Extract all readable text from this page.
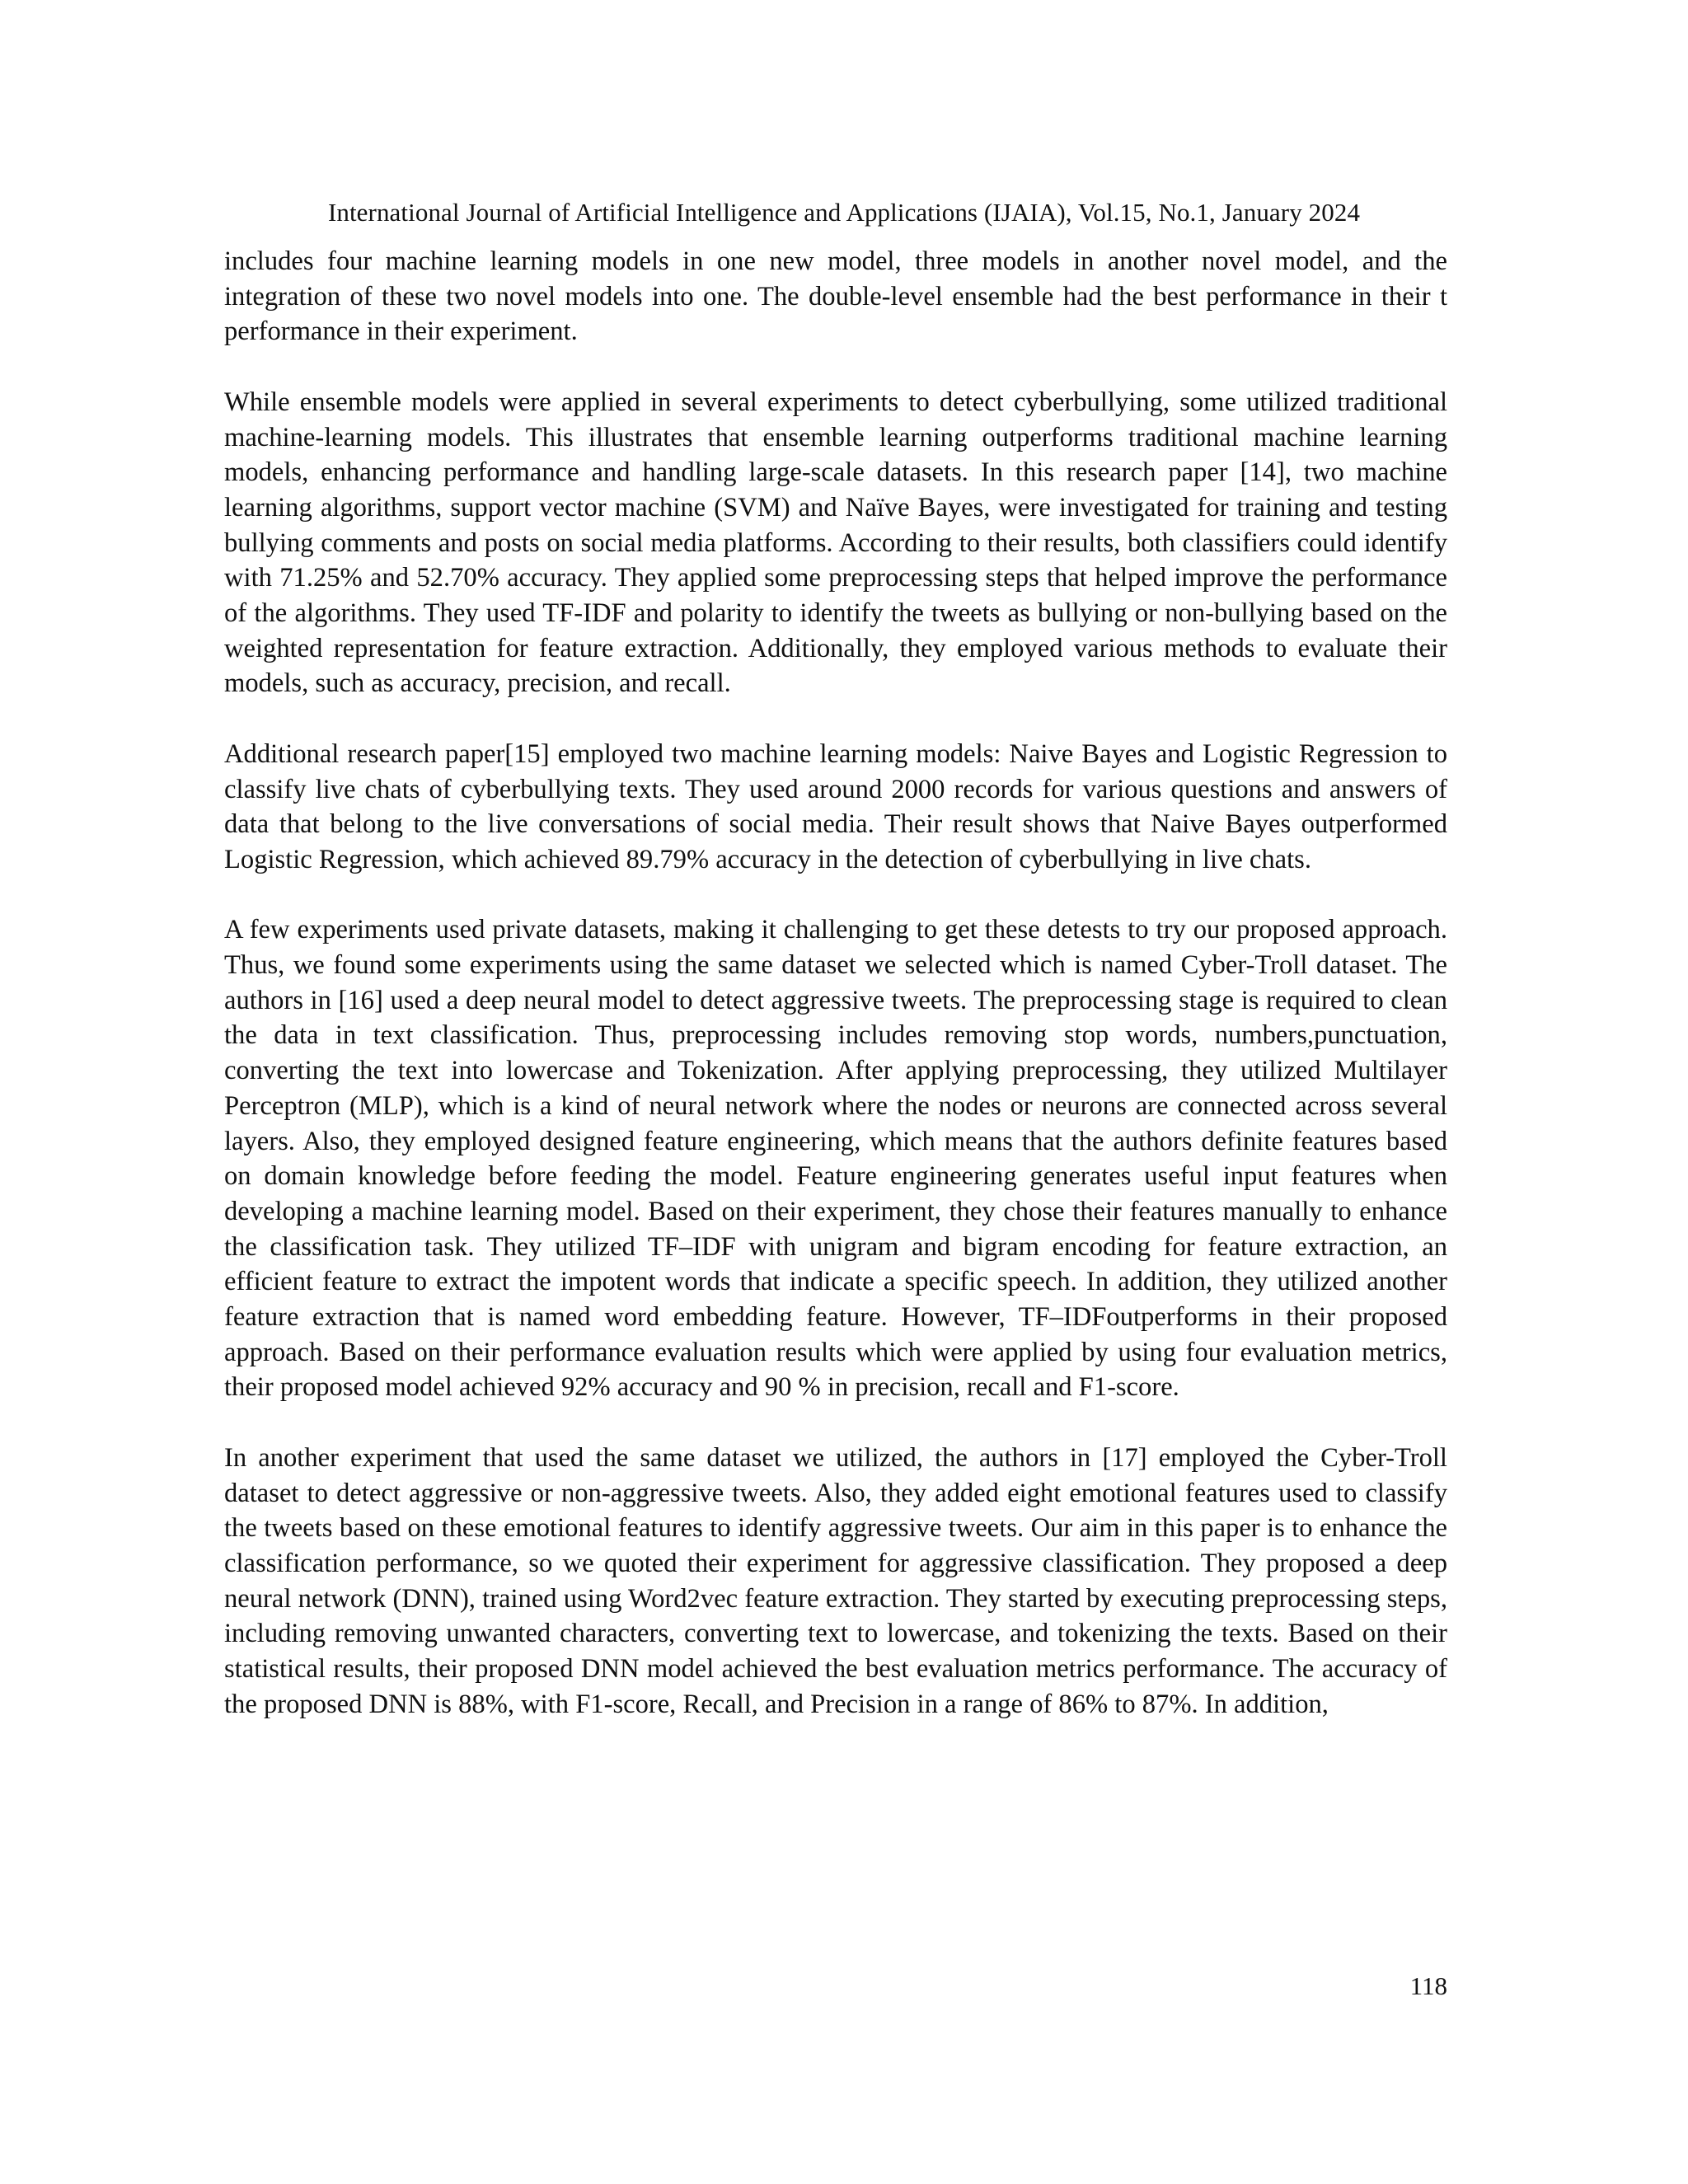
International Journal of Artificial Intelligence and Applications (IJAIA), Vol.15, No.1, January 2024

includes four machine learning models in one new model, three models in another novel model, and the integration of these two novel models into one. The double-level ensemble had the best performance in their t performance in their experiment.

While ensemble models were applied in several experiments to detect cyberbullying, some utilized traditional machine-learning models. This illustrates that ensemble learning outperforms traditional machine learning models, enhancing performance and handling large-scale datasets. In this research paper [14], two machine learning algorithms, support vector machine (SVM) and Naïve Bayes, were investigated for training and testing bullying comments and posts on social media platforms. According to their results, both classifiers could identify with 71.25% and 52.70% accuracy. They applied some preprocessing steps that helped improve the performance of the algorithms. They used TF-IDF and polarity to identify the tweets as bullying or non-bullying based on the weighted representation for feature extraction. Additionally, they employed various methods to evaluate their models, such as accuracy, precision, and recall.

Additional research paper[15] employed two machine learning models: Naive Bayes and Logistic Regression to classify live chats of cyberbullying texts. They used around 2000 records for various questions and answers of data that belong to the live conversations of social media. Their result shows that Naive Bayes outperformed Logistic Regression, which achieved 89.79% accuracy in the detection of cyberbullying in live chats.

A few experiments used private datasets, making it challenging to get these detests to try our proposed approach. Thus, we found some experiments using the same dataset we selected which is named Cyber-Troll dataset. The authors in [16] used a deep neural model to detect aggressive tweets. The preprocessing stage is required to clean the data in text classification. Thus, preprocessing includes removing stop words, numbers,punctuation, converting the text into lowercase and Tokenization. After applying preprocessing, they utilized Multilayer Perceptron (MLP), which is a kind of neural network where the nodes or neurons are connected across several layers. Also, they employed designed feature engineering, which means that the authors definite features based on domain knowledge before feeding the model. Feature engineering generates useful input features when developing a machine learning model. Based on their experiment, they chose their features manually to enhance the classification task. They utilized TF–IDF with unigram and bigram encoding for feature extraction, an efficient feature to extract the impotent words that indicate a specific speech. In addition, they utilized another feature extraction that is named word embedding feature. However, TF–IDFoutperforms in their proposed approach. Based on their performance evaluation results which were applied by using four evaluation metrics, their proposed model achieved 92% accuracy and 90 % in precision, recall and F1-score.

In another experiment that used the same dataset we utilized, the authors in [17] employed the Cyber-Troll dataset to detect aggressive or non-aggressive tweets. Also, they added eight emotional features used to classify the tweets based on these emotional features to identify aggressive tweets. Our aim in this paper is to enhance the classification performance, so we quoted their experiment for aggressive classification. They proposed a deep neural network (DNN), trained using Word2vec feature extraction. They started by executing preprocessing steps, including removing unwanted characters, converting text to lowercase, and tokenizing the texts. Based on their statistical results, their proposed DNN model achieved the best evaluation metrics performance. The accuracy of the proposed DNN is 88%, with F1-score, Recall, and Precision in a range of 86% to 87%. In addition,

118
